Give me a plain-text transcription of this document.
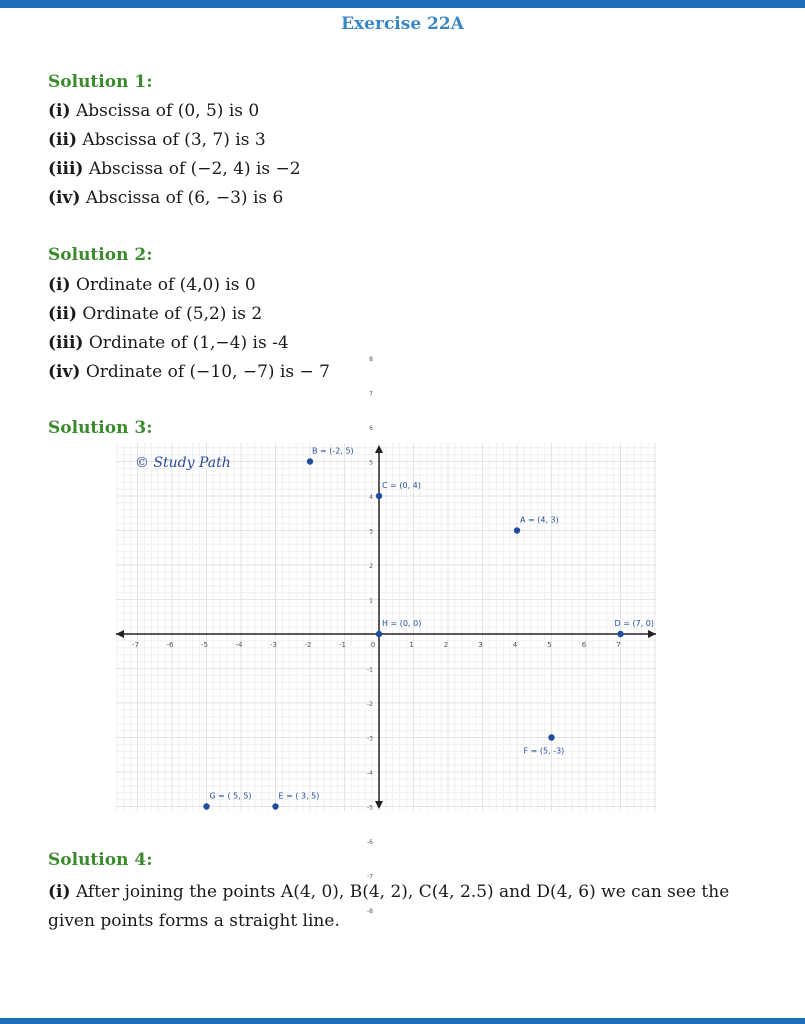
Exercise 22A
Solution 1:
(i) Abscissa of (0, 5) is 0
(ii) Abscissa of (3, 7) is 3
(iii) Abscissa of (−2, 4) is −2
(iv) Abscissa of (6, −3) is 6
Solution 2:
(i) Ordinate of (4,0) is 0
(ii) Ordinate of (5,2) is 2
(iii) Ordinate of (1,−4) is -4
(iv) Ordinate of (−10, −7) is − 7
Solution 3:
-7	-6	-5	-4	-3	-2	-1	0	1	2	3	4	5	6	7
8
7
6
5
4
3
2
1
-1
-2
-3
-4
-5
-6
-7
-8
B = (-2, 5)
C = (0, 4)
A = (4, 3)
H = (0, 0)	D = (7, 0)
F = (5, -3)
G = ( 5, 5)	E = ( 3, 5)
© Study Path
Solution 4:
(i) After joining the points A(4, 0), B(4, 2), C(4, 2.5) and D(4, 6) we can see the given points forms a straight line.
